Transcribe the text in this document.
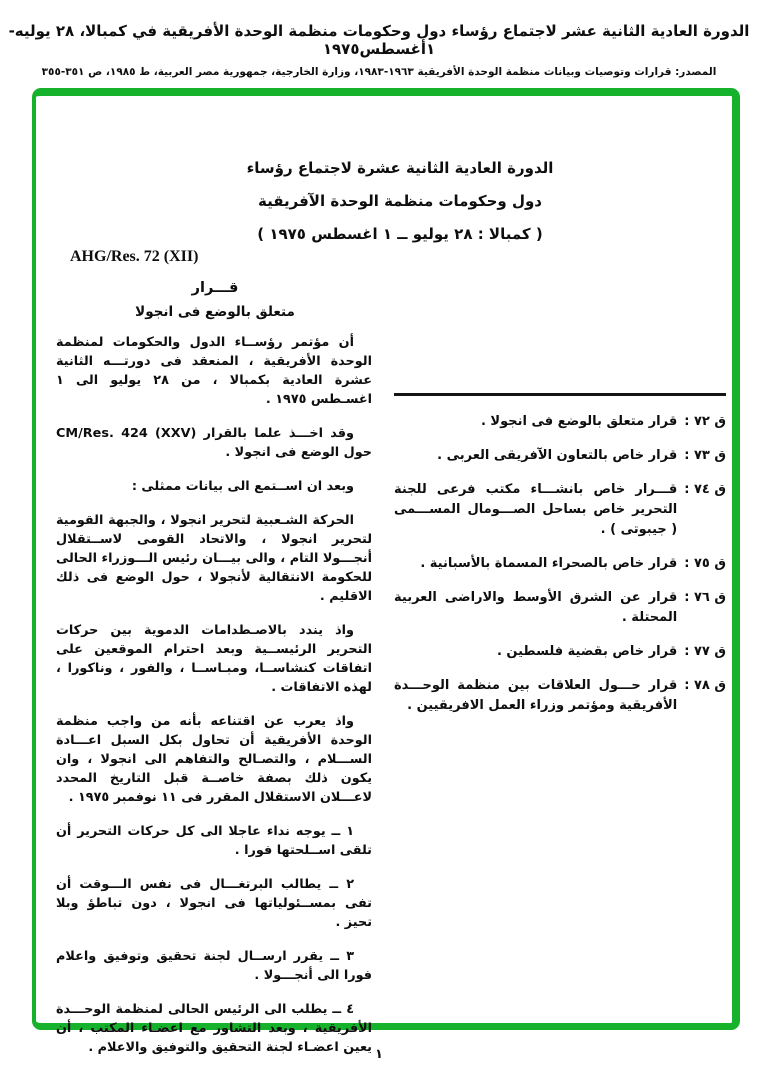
الدورة العادية الثانية عشر لاجتماع رؤساء دول وحكومات منظمة الوحدة الأفريقية في كمبالا، ٢٨ يوليه- ١أغسطس١٩٧٥
المصدر: قرارات وتوصيات وبيانات منظمة الوحدة الأفريقية ١٩٦٣-١٩٨٣، وزارة الخارجية، جمهورية مصر العربية، ط ١٩٨٥، ص ٣٥١-٣٥٥
الدورة العادية الثانية عشرة لاجتماع رؤساء
دول وحكومات منظمة الوحدة الآفريقية
( كمبالا : ٢٨ يوليو ــ ١ اغسطس ١٩٧٥ )
AHG/Res. 72 (XII)
قـــرار
متعلق بالوضع فى انجولا

أن مؤتمر رؤســاء الدول والحكومات لمنظمة الوحدة الأفريقية ، المنعقد فى دورتـــه الثانية عشرة العادية بكمبالا ، من ٢٨ يوليو الى ١ اغسـطس ١٩٧٥ .

وقد اخـــذ علما بالقرار CM/Res. 424 (XXV) حول الوضع فى انجولا .

وبعد ان اســتمع الى بيانات ممثلى :

الحركة الشـعبية لتحرير انجولا ، والجبهة القومية لتحرير انجولا ، والاتحاد القومى لاســتقلال أنجـــولا التام ، والى بيـــان رئيس الـــوزراء الحالى للحكومة الانتقالية لأنجولا ، حول الوضع فى ذلك الاقليم .

واذ يندد بالاصـطدامات الدموية بين حركات التحرير الرئيســية وبعد احترام الموقعين على اتفاقات كنشاســا، ومبـاســا ، والفور ، وناكورا ، لهذه الاتفاقات .

واذ يعرب عن اقتناعه بأنه من واجب منظمة الوحدة الأفريقية أن تحاول بكل السبل اعـــادة الســـلام ، والتصـالح والتفاهم الى انجولا ، وان يكون ذلك بصفة خاصــة قبل التاريخ المحدد لاعـــلان الاستقلال المقرر فى ١١ نوفمبر ١٩٧٥ .

١ ــ يوجه نداء عاجلا الى كل حركات التحرير أن تلقى اســلحتها فورا .

٢ ــ يطالب البرتغـــال فى نفس الـــوقت أن تفى بمســئولياتها فى انجولا ، دون تباطؤ وبلا تحيز .

٣ ــ يقرر ارســال لجنة تحقيق وتوفيق واعلام فورا الى أنجـــولا .

٤ ــ يطلب الى الرئيس الحالى لمنظمة الوحـــدة الأفريقية ، وبعد التشاور مع اعضـاء المكتب ، أن يعين اعضـاء لجنة التحقيق والتوفيق والاعلام .

ق ٧٢ :
قرار متعلق بالوضع فى انجولا .
ق ٧٣ :
قرار خاص بالتعاون الآفريقى العربى .
ق ٧٤ :
قـــرار خاص بانشـــاء مكتب فرعى للجنة التحرير خاص بساحل الصـــومال المســـمى ( جيبوتى ) .
ق ٧٥ :
قرار خاص بالصحراء المسماة بالأسبانية .
ق ٧٦ :
قرار عن الشرق الأوسط والاراضى العربية المحتلة .
ق ٧٧ :
قرار خاص بقضية فلسطين .
ق ٧٨ :
قرار حـــول العلاقات بين منظمة الوحـــدة الأفريقية ومؤتمر وزراء العمل الافريقيين .
١
